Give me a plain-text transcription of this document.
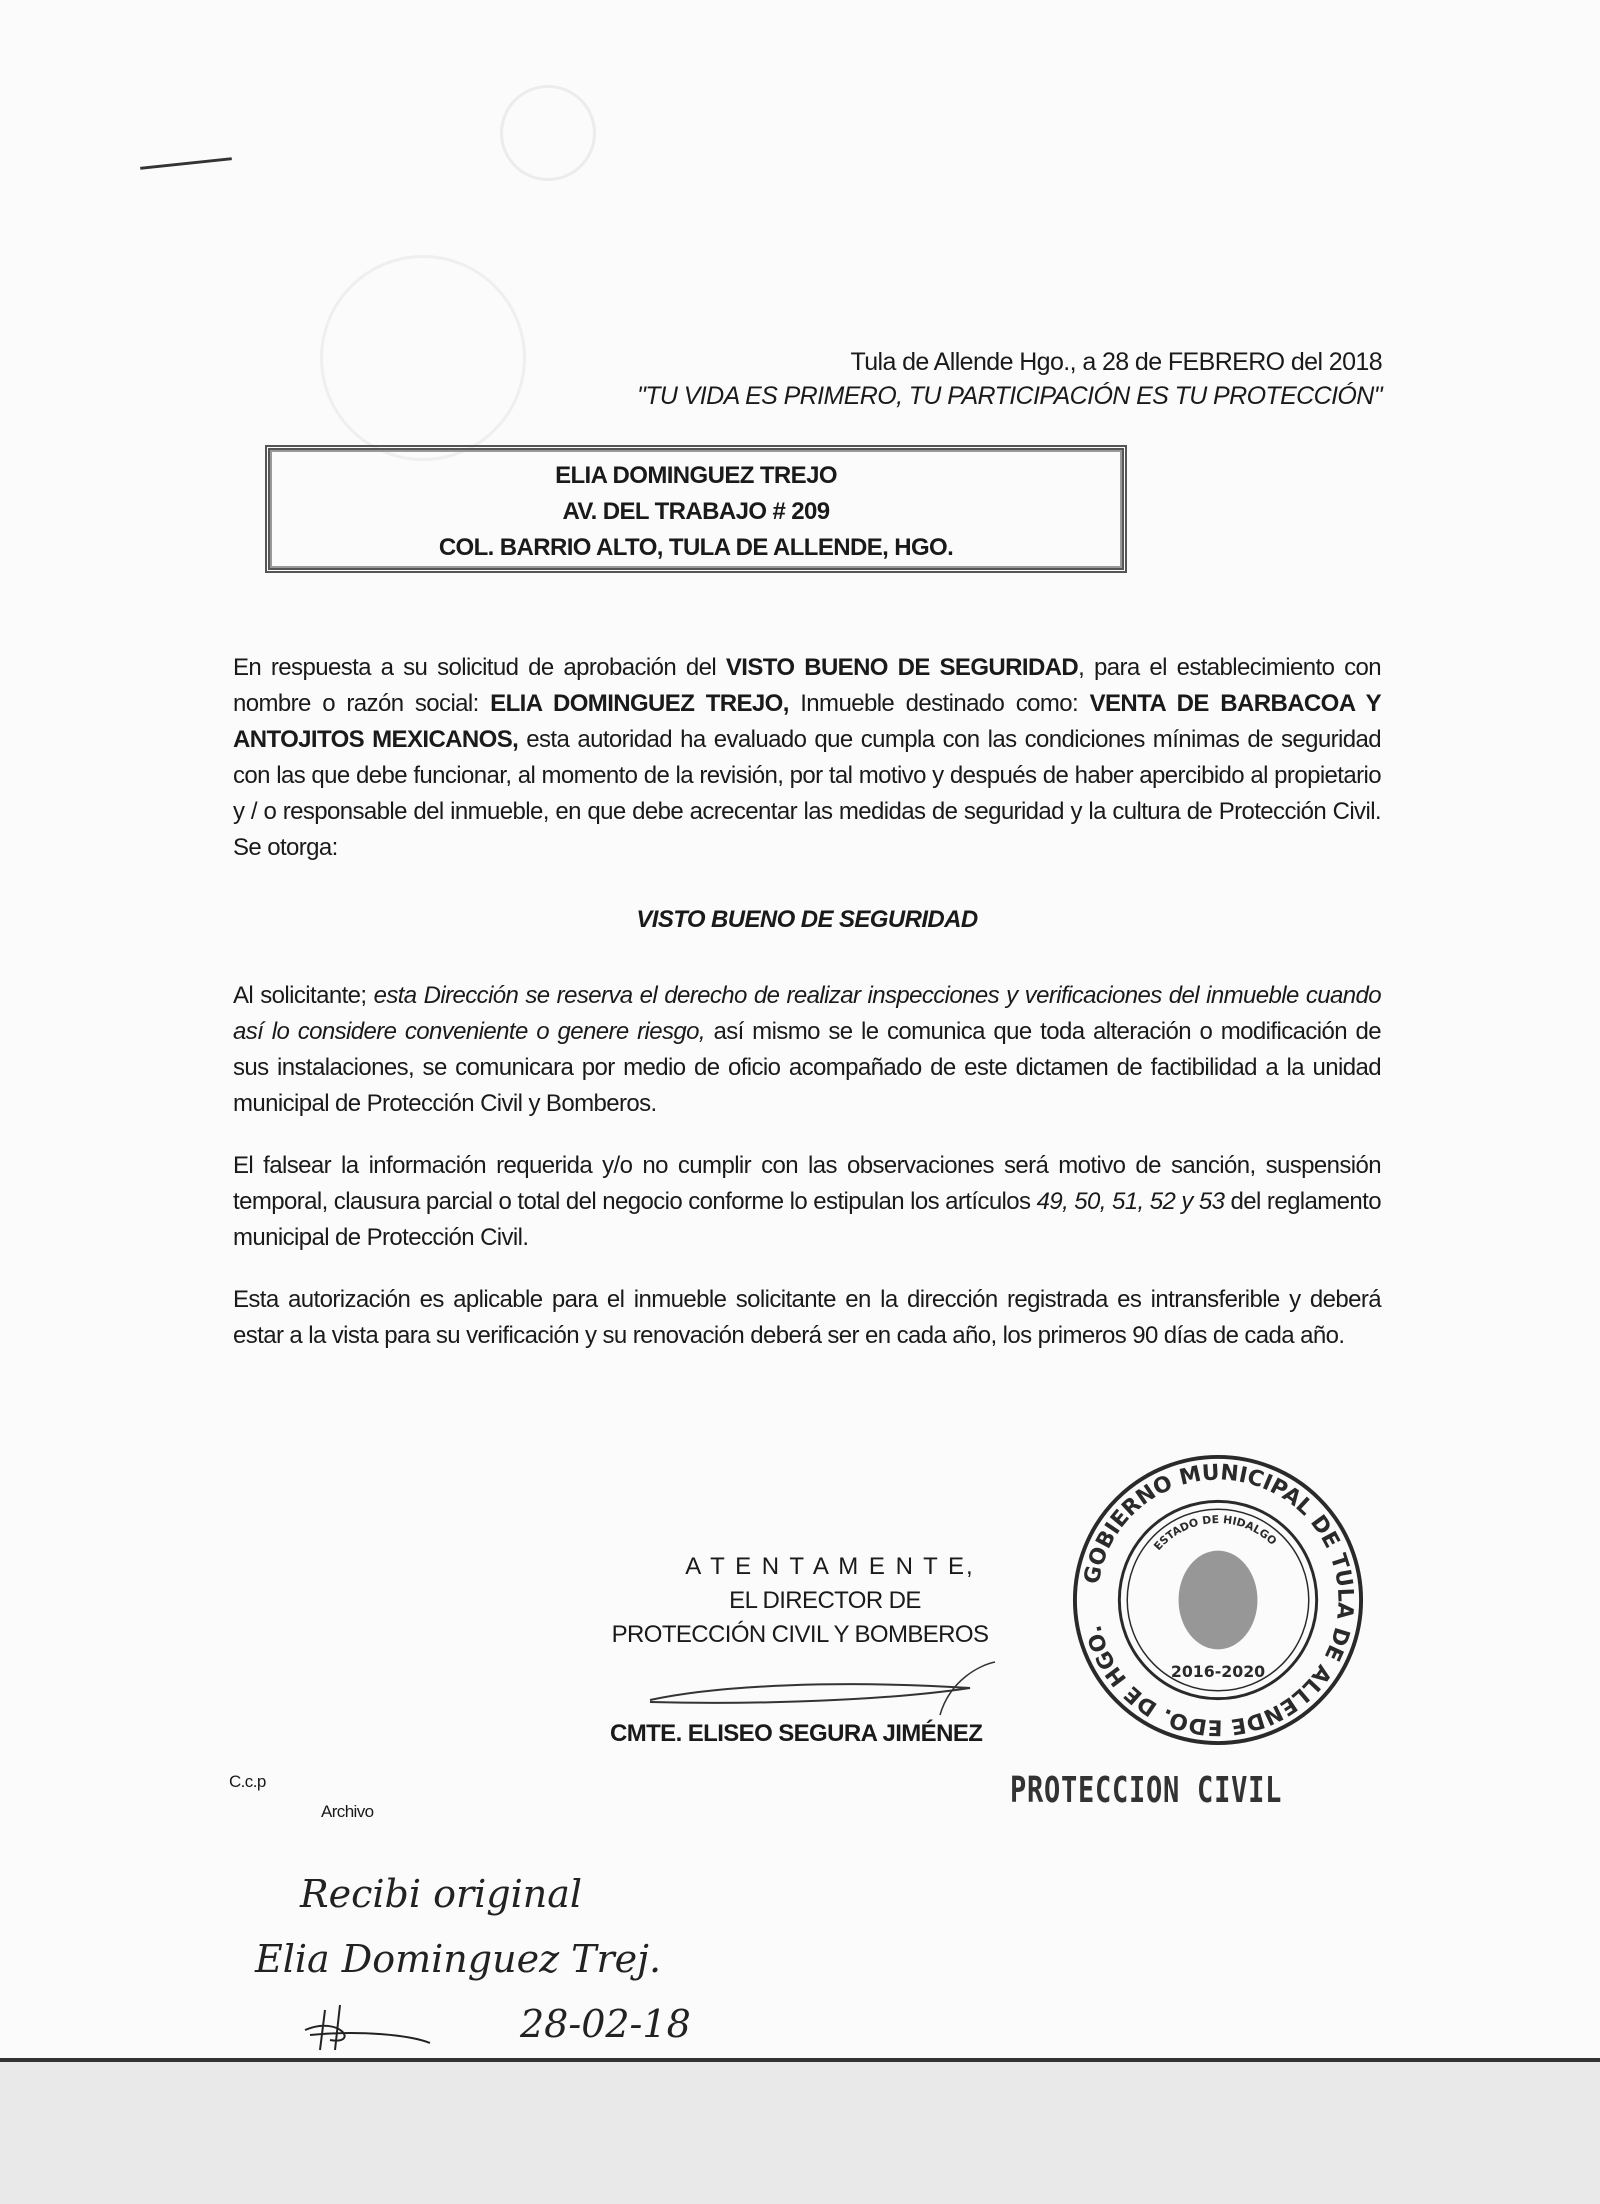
Tula de Allende Hgo., a 28 de FEBRERO del 2018
"TU VIDA ES PRIMERO, TU PARTICIPACIÓN ES TU PROTECCIÓN"
ELIA DOMINGUEZ TREJO
AV. DEL TRABAJO # 209
COL. BARRIO ALTO, TULA DE ALLENDE, HGO.
En respuesta a su solicitud de aprobación del VISTO BUENO DE SEGURIDAD, para el establecimiento con nombre o razón social: ELIA DOMINGUEZ TREJO, Inmueble destinado como: VENTA DE BARBACOA Y ANTOJITOS MEXICANOS, esta autoridad ha evaluado que cumpla con las condiciones mínimas de seguridad con las que debe funcionar, al momento de la revisión, por tal motivo y después de haber apercibido al propietario y / o responsable del inmueble, en que debe acrecentar las medidas de seguridad y la cultura de Protección Civil. Se otorga:
VISTO BUENO DE SEGURIDAD
Al solicitante; esta Dirección se reserva el derecho de realizar inspecciones y verificaciones del inmueble cuando así lo considere conveniente o genere riesgo, así mismo se le comunica que toda alteración o modificación de sus instalaciones, se comunicara por medio de oficio acompañado de este dictamen de factibilidad a la unidad municipal de Protección Civil y Bomberos.
El falsear la información requerida y/o no cumplir con las observaciones será motivo de sanción, suspensión temporal, clausura parcial o total del negocio conforme lo estipulan los artículos 49, 50, 51, 52 y 53 del reglamento municipal de Protección Civil.
Esta autorización es aplicable para el inmueble solicitante en la dirección registrada es intransferible y deberá estar a la vista para su verificación y su renovación deberá ser en cada año, los primeros 90 días de cada año.
A T E N T A M E N T E,
EL DIRECTOR DE
PROTECCIÓN CIVIL Y BOMBEROS
CMTE. ELISEO SEGURA JIMÉNEZ
GOBIERNO MUNICIPAL DE TULA DE ALLENDE EDO. DE HGO.
ESTADO DE HIDALGO
2016-2020
PROTECCION CIVIL
C.c.p
Archivo
Recibi original
Elia Dominguez Trej.
28-02-18
